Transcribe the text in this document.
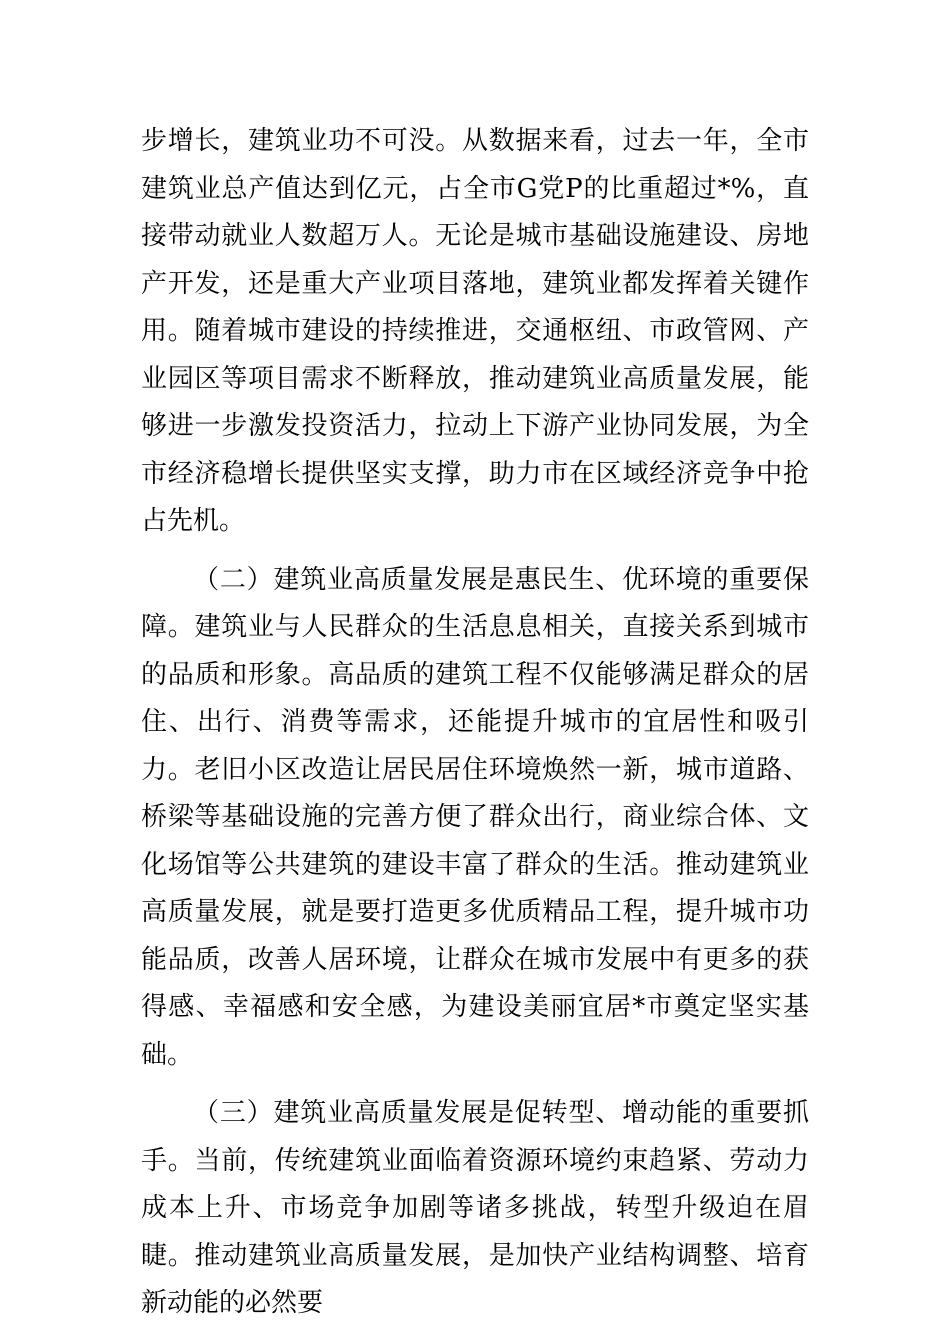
步增长，建筑业功不可没。从数据来看，过去一年，全市建筑业总产值达到亿元，占全市G党P的比重超过*%，直接带动就业人数超万人。无论是城市基础设施建设、房地产开发，还是重大产业项目落地，建筑业都发挥着关键作用。随着城市建设的持续推进，交通枢纽、市政管网、产业园区等项目需求不断释放，推动建筑业高质量发展，能够进一步激发投资活力，拉动上下游产业协同发展，为全市经济稳增长提供坚实支撑，助力市在区域经济竞争中抢占先机。

（二）建筑业高质量发展是惠民生、优环境的重要保障。建筑业与人民群众的生活息息相关，直接关系到城市的品质和形象。高品质的建筑工程不仅能够满足群众的居住、出行、消费等需求，还能提升城市的宜居性和吸引力。老旧小区改造让居民居住环境焕然一新，城市道路、桥梁等基础设施的完善方便了群众出行，商业综合体、文化场馆等公共建筑的建设丰富了群众的生活。推动建筑业高质量发展，就是要打造更多优质精品工程，提升城市功能品质，改善人居环境，让群众在城市发展中有更多的获得感、幸福感和安全感，为建设美丽宜居*市奠定坚实基础。

（三）建筑业高质量发展是促转型、增动能的重要抓手。当前，传统建筑业面临着资源环境约束趋紧、劳动力成本上升、市场竞争加剧等诸多挑战，转型升级迫在眉睫。推动建筑业高质量发展，是加快产业结构调整、培育新动能的必然要
